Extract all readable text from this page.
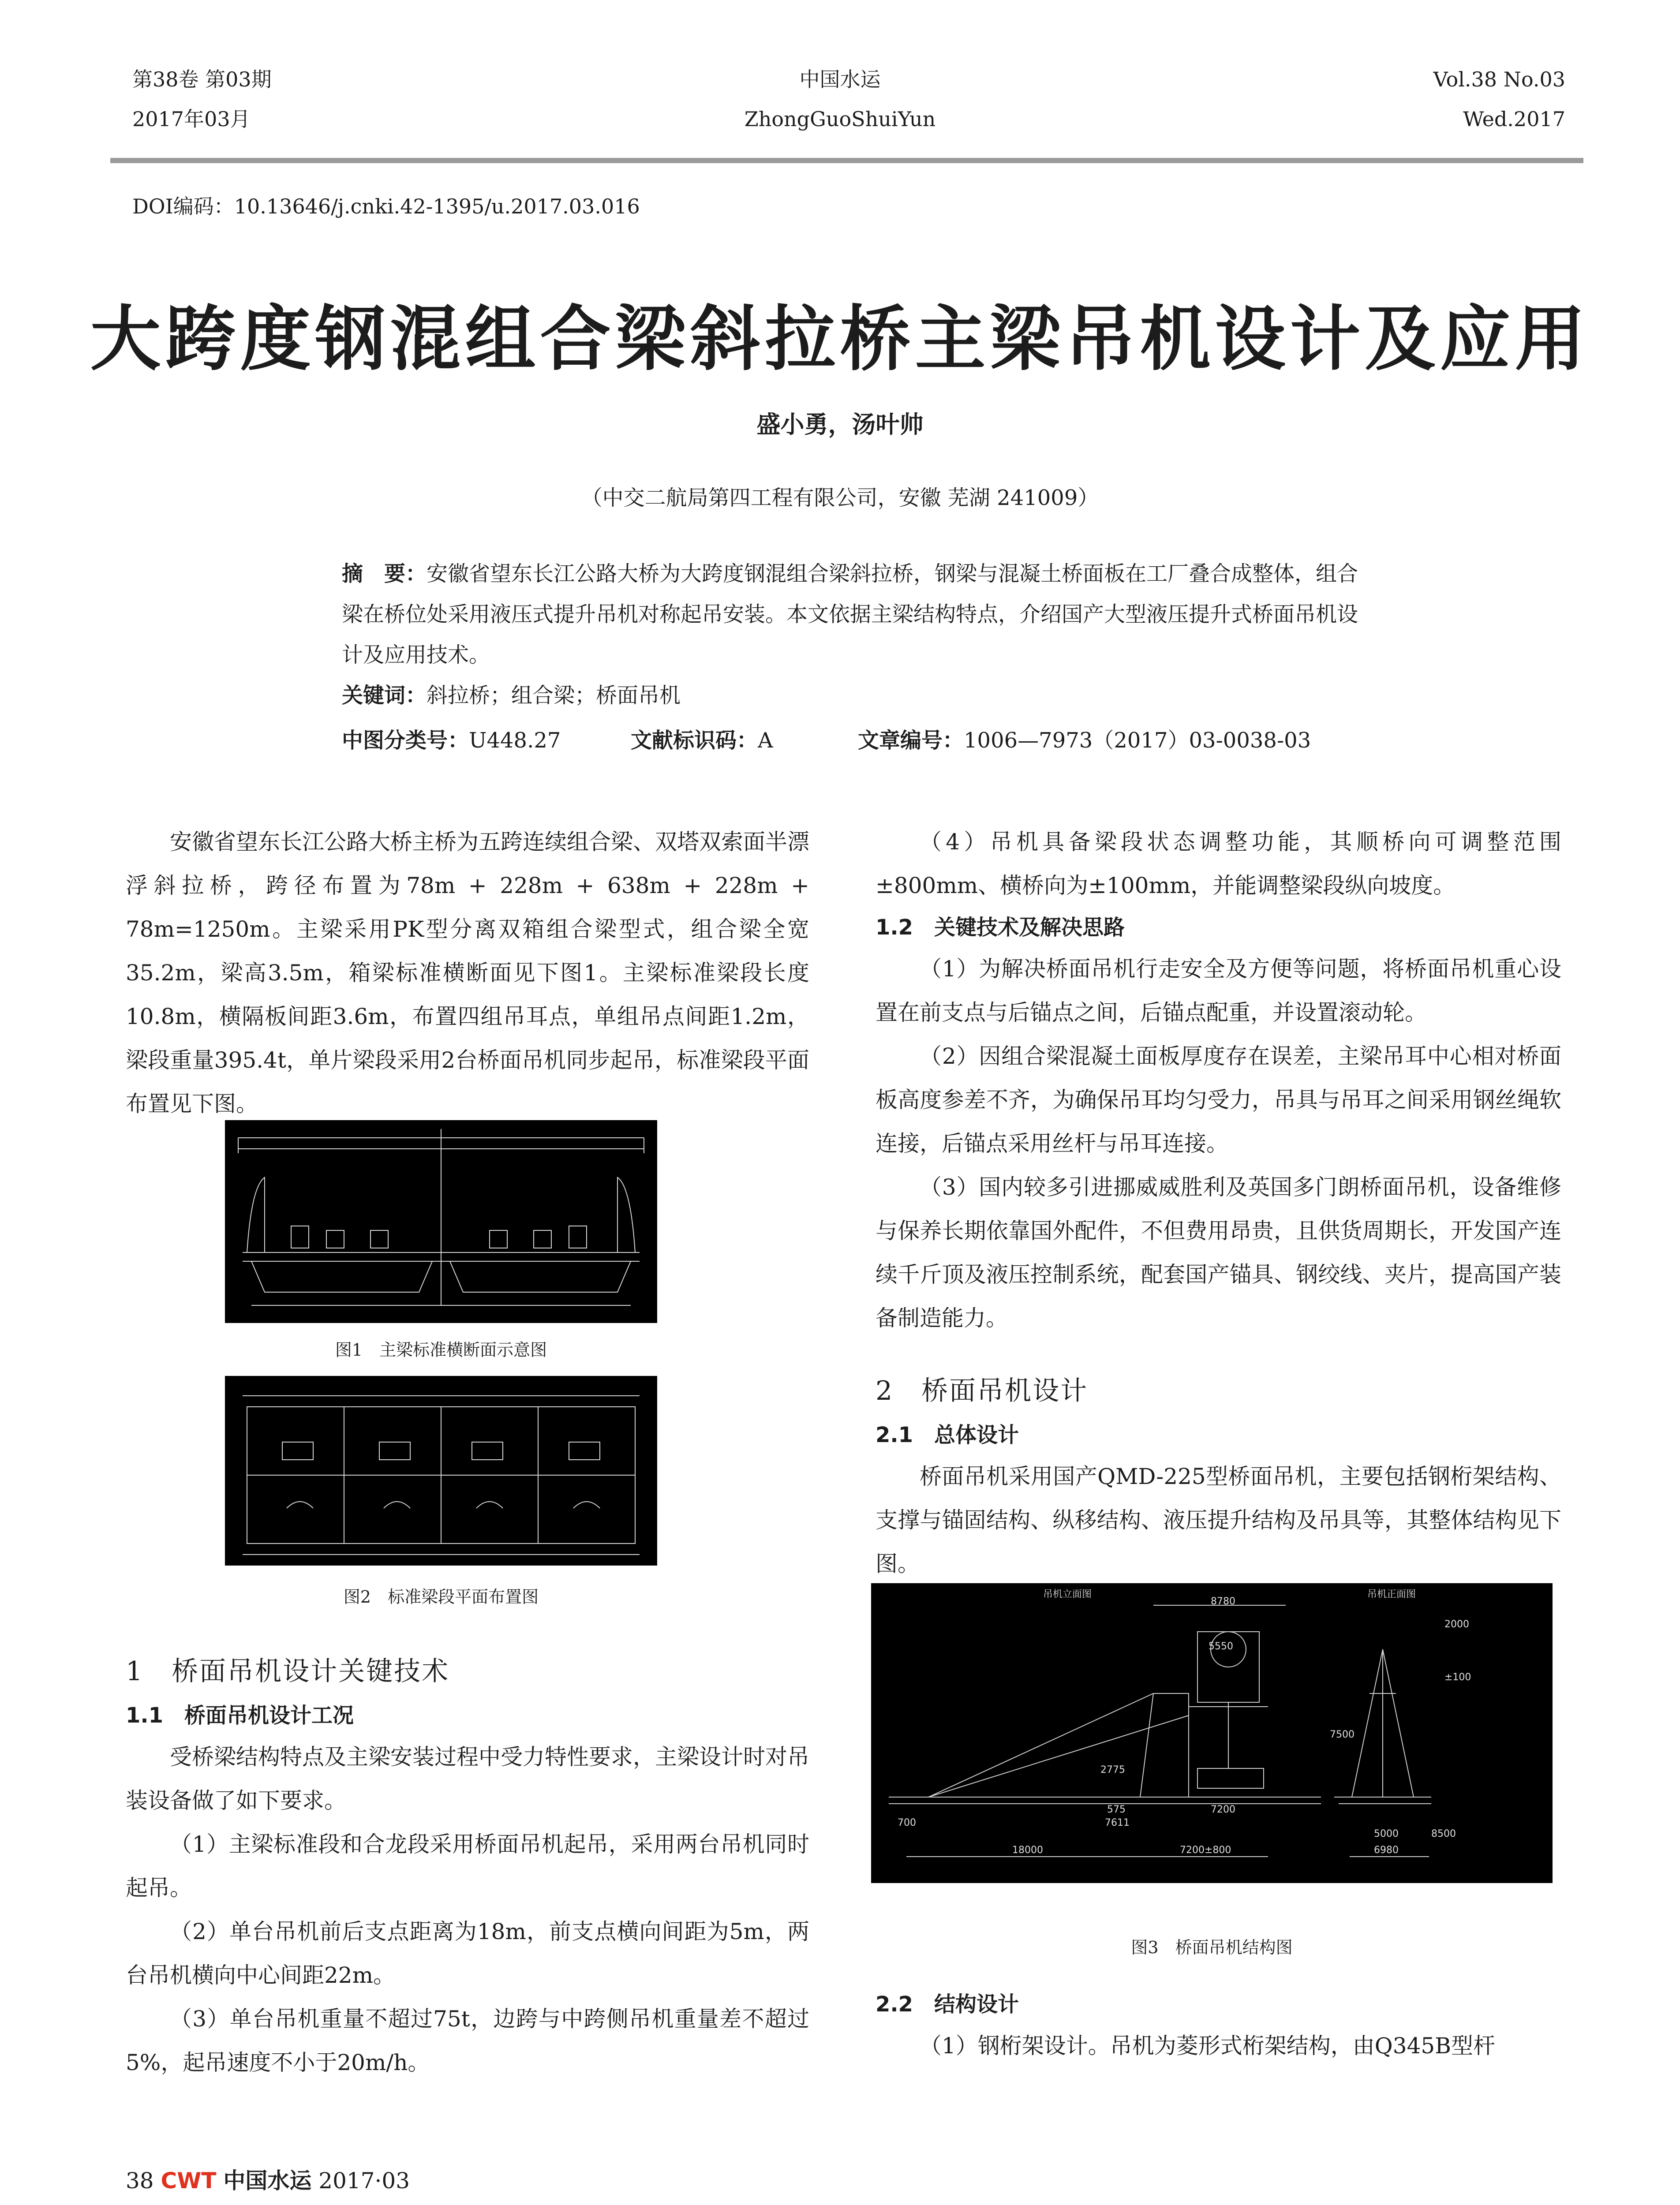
第38卷 第03期
2017年03月
中国水运
ZhongGuoShuiYun
Vol.38 No.03
Wed.2017
DOI编码：10.13646/j.cnki.42-1395/u.2017.03.016
大跨度钢混组合梁斜拉桥主梁吊机设计及应用
盛小勇，汤叶帅
（中交二航局第四工程有限公司，安徽 芜湖 241009）
摘　要：安徽省望东长江公路大桥为大跨度钢混组合梁斜拉桥，钢梁与混凝土桥面板在工厂叠合成整体，组合梁在桥位处采用液压式提升吊机对称起吊安装。本文依据主梁结构特点，介绍国产大型液压提升式桥面吊机设计及应用技术。
关键词：斜拉桥；组合梁；桥面吊机
中图分类号：U448.27	文献标识码：A	文章编号：1006—7973（2017）03-0038-03

安徽省望东长江公路大桥主桥为五跨连续组合梁、双塔双索面半漂浮斜拉桥，跨径布置为78m + 228m + 638m + 228m + 78m=1250m。主梁采用PK型分离双箱组合梁型式，组合梁全宽35.2m，梁高3.5m，箱梁标准横断面见下图1。主梁标准梁段长度10.8m，横隔板间距3.6m，布置四组吊耳点，单组吊点间距1.2m，梁段重量395.4t，单片梁段采用2台桥面吊机同步起吊，标准梁段平面布置见下图。

图1　主梁标准横断面示意图
图2　标准梁段平面布置图
1　桥面吊机设计关键技术
1.1　桥面吊机设计工况

受桥梁结构特点及主梁安装过程中受力特性要求，主梁设计时对吊装设备做了如下要求。

（1）主梁标准段和合龙段采用桥面吊机起吊，采用两台吊机同时起吊。

（2）单台吊机前后支点距离为18m，前支点横向间距为5m，两台吊机横向中心间距22m。

（3）单台吊机重量不超过75t，边跨与中跨侧吊机重量差不超过5%，起吊速度不小于20m/h。

（4）吊机具备梁段状态调整功能，其顺桥向可调整范围±800mm、横桥向为±100mm，并能调整梁段纵向坡度。

1.2　关键技术及解决思路

（1）为解决桥面吊机行走安全及方便等问题，将桥面吊机重心设置在前支点与后锚点之间，后锚点配重，并设置滚动轮。

（2）因组合梁混凝土面板厚度存在误差，主梁吊耳中心相对桥面板高度参差不齐，为确保吊耳均匀受力，吊具与吊耳之间采用钢丝绳软连接，后锚点采用丝杆与吊耳连接。

（3）国内较多引进挪威威胜利及英国多门朗桥面吊机，设备维修与保养长期依靠国外配件，不但费用昂贵，且供货周期长，开发国产连续千斤顶及液压控制系统，配套国产锚具、钢绞线、夹片，提高国产装备制造能力。

2　桥面吊机设计
2.1　总体设计

桥面吊机采用国产QMD-225型桥面吊机，主要包括钢桁架结构、支撑与锚固结构、纵移结构、液压提升结构及吊具等，其整体结构见下图。

吊机立面图	吊机正面图
8780
5550
2000
±100
7500
2775
575
7611
7200
700
18000	7200±800
5000	8500
6980
图3　桥面吊机结构图
2.2　结构设计

（1）钢桁架设计。吊机为菱形式桁架结构，由Q345B型杆

38 CWT 中国水运 2017·03
